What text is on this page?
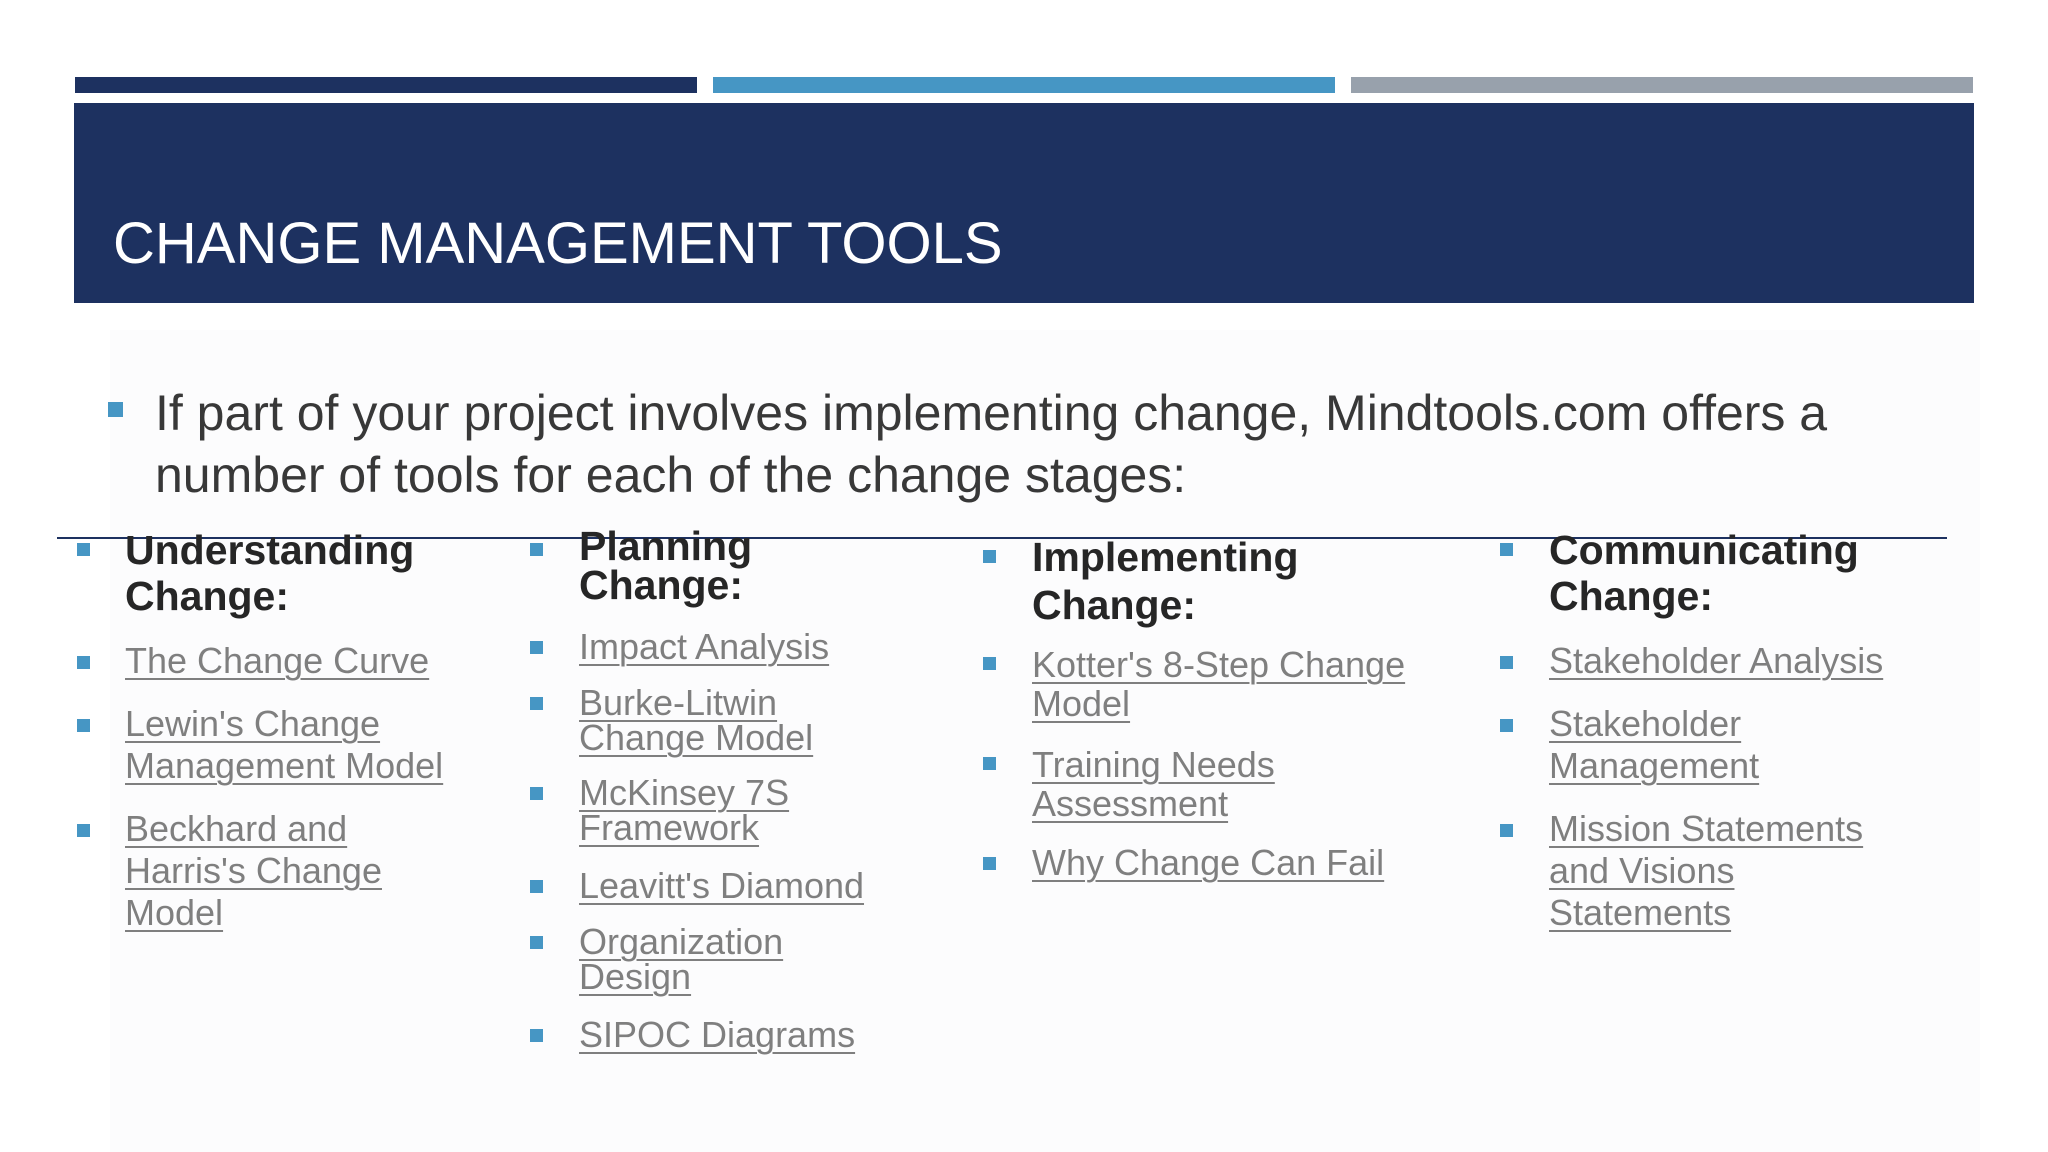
CHANGE MANAGEMENT TOOLS

If part of your project involves implementing change, Mindtools.com offers a number of tools for each of the change stages:

Understanding Change:
The Change Curve
Lewin's Change Management Model
Beckhard and Harris's Change Model
Planning Change:
Impact Analysis
Burke-Litwin Change Model
McKinsey 7S Framework
Leavitt's Diamond
Organization Design
SIPOC Diagrams
Implementing Change:
Kotter's 8-Step Change Model
Training Needs Assessment
Why Change Can Fail
Communicating Change:
Stakeholder Analysis
Stakeholder Management
Mission Statements and Visions Statements
